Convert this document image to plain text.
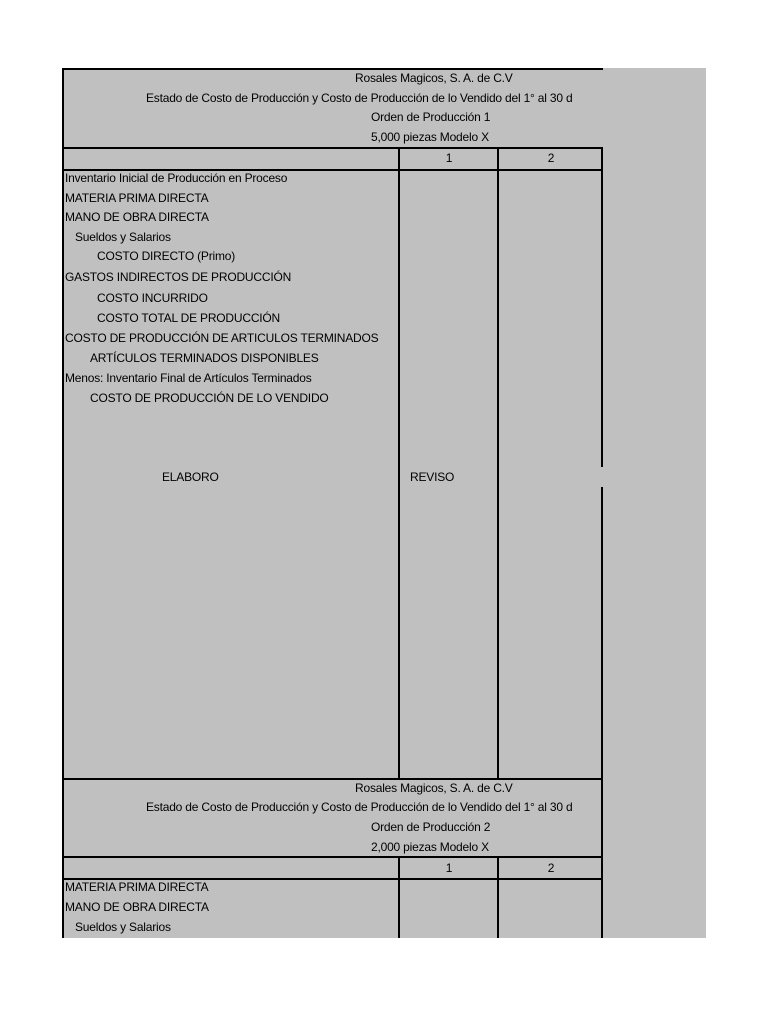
Rosales Magicos, S. A. de C.V
Estado de Costo de Producción y Costo de Producción de lo Vendido del 1° al 30 d
Orden de Producción 1
5,000 piezas Modelo X
1	2
Inventario Inicial de Producción en Proceso
MATERIA PRIMA DIRECTA
MANO DE OBRA DIRECTA
Sueldos y Salarios
COSTO DIRECTO (Primo)
GASTOS INDIRECTOS DE PRODUCCIÓN
COSTO INCURRIDO
COSTO TOTAL DE PRODUCCIÓN
COSTO DE PRODUCCIÓN DE ARTICULOS TERMINADOS
ARTÍCULOS TERMINADOS DISPONIBLES
Menos: Inventario Final de Artículos Terminados
COSTO DE PRODUCCIÓN DE LO VENDIDO
ELABORO	REVISO
Rosales Magicos, S. A. de C.V
Estado de Costo de Producción y Costo de Producción de lo Vendido del 1° al 30 d
Orden de Producción 2
2,000 piezas Modelo X
1	2
MATERIA PRIMA DIRECTA
MANO DE OBRA DIRECTA
Sueldos y Salarios
